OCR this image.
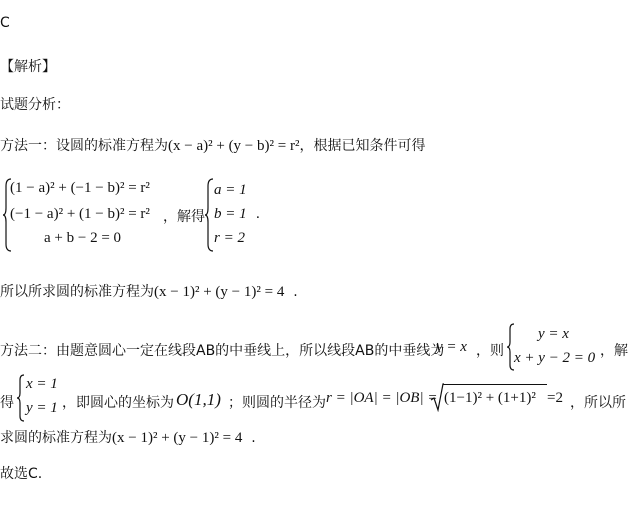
C
【解析】
试题分析：
方法一：设圆的标准方程为(x − a)² + (y − b)² = r²，根据已知条件可得
(1 − a)² + (−1 − b)² = r²
(−1 − a)² + (1 − b)² = r²
a + b − 2 = 0
，解得
a = 1
b = 1
r = 2
.
所以所求圆的标准方程为(x − 1)² + (y − 1)² = 4 .
方法二：由题意圆心一定在线段AB的中垂线上，所以线段AB的中垂线为
y = x ，则
y = x
x + y − 2 = 0 ，解
得
x = 1
y = 1 ，即圆心的坐标为 O(1,1) ；则圆的半径为 r = |OA| = |OB| = (1−1)² + (1+1)² =2 ，所以所
求圆的标准方程为(x − 1)² + (y − 1)² = 4 .
故选C.
